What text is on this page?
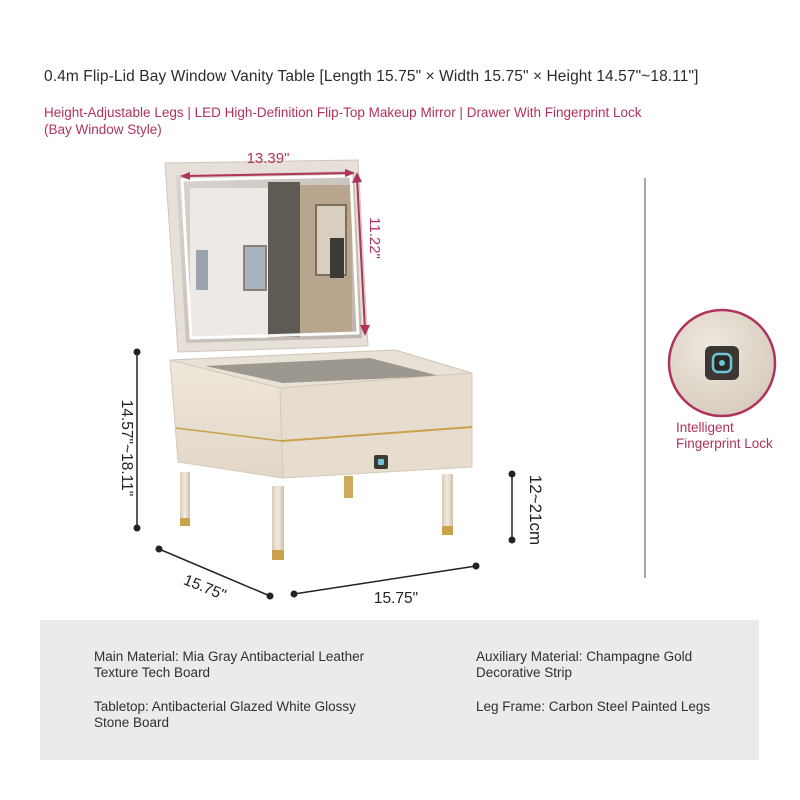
0.4m Flip-Lid Bay Window Vanity Table [Length 15.75" × Width 15.75" × Height 14.57"~18.11"]
Height-Adjustable Legs | LED High-Definition Flip-Top Makeup Mirror | Drawer With Fingerprint Lock (Bay Window Style)
13.39"
11.22"
14.57"~18.11"
12~21cm
15.75"	15.75"
Intelligent Fingerprint Lock
Main Material: Mia Gray Antibacterial Leather Texture Tech Board
Auxiliary Material: Champagne Gold Decorative Strip
Tabletop: Antibacterial Glazed White Glossy Stone Board
Leg Frame: Carbon Steel Painted Legs
